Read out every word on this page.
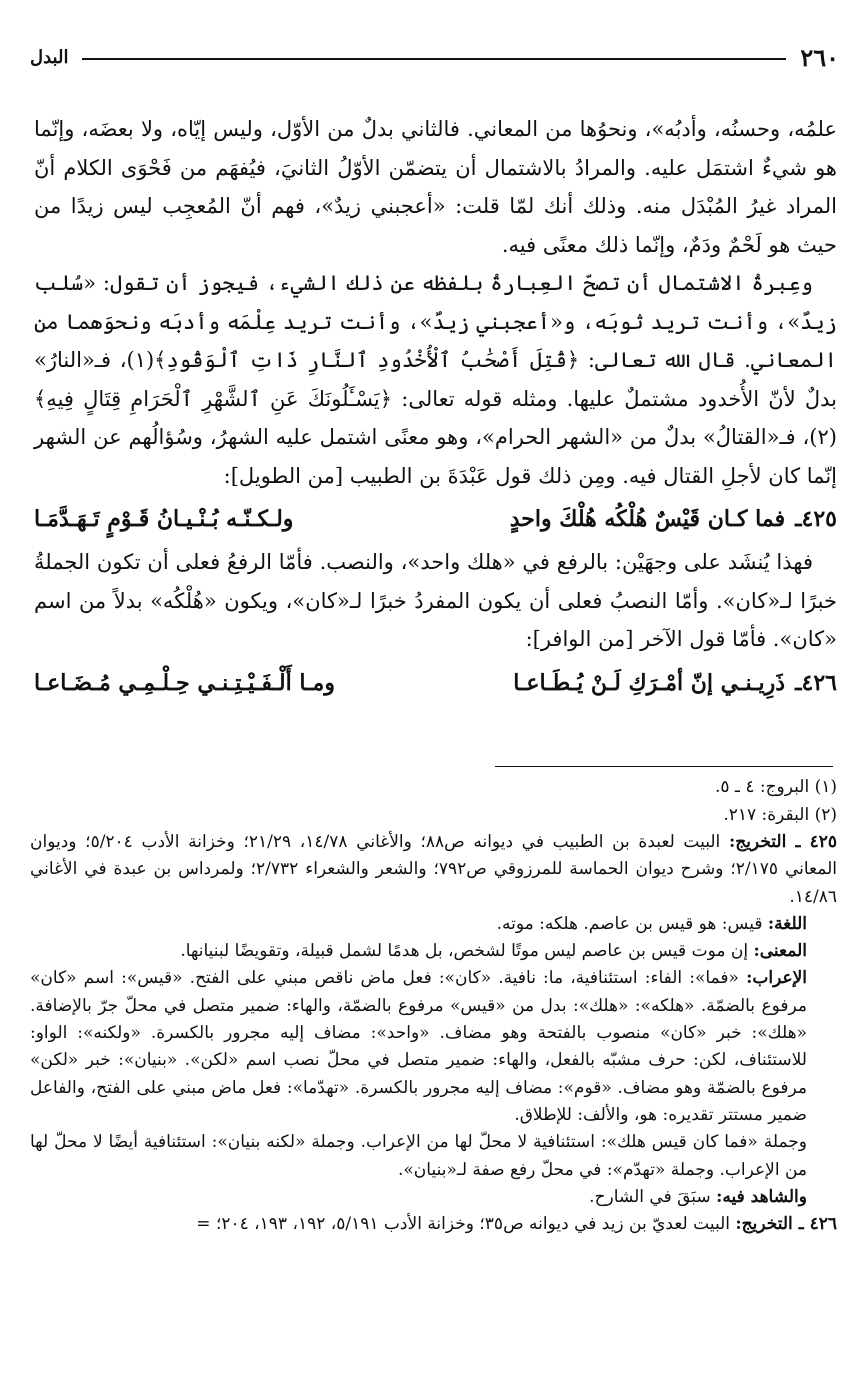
٢٦٠
البدل

علمُه، وحسنُه، وأدبُه»، ونحوُها من المعاني. فالثاني بدلٌ من الأوّل، وليس إيّاه، ولا بعضَه، وإنّما هو شيءٌ اشتمَل عليه. والمرادُ بالاشتمال أن يتضمّن الأوّلُ الثانيَ، فيُفهَم من فَحْوَى الكلام أنّ المراد غيرُ المُبْدَل منه. وذلك أنك لمّا قلت: «أعجبني زيدٌ»، فهم أنّ المُعجِب ليس زيدًا من حيث هو لَحْمٌ ودَمٌ، وإنّما ذلك معنًى فيه.

وعِبرةُ الاشتمال أن تصحّ العِبارةُ بلفظه عن ذلك الشيء، فيجوز أن تقول: «سُلب زيدٌ»، وأنت تريد ثوبَه، و«أعجبني زيدٌ»، وأنت تريد عِلْمَه وأدبَه ونحوَهما من المعاني. قال الله تعالى: ﴿قُتِلَ أَصْحَٰبُ ٱلْأُخْدُودِ ٱلنَّارِ ذَاتِ ٱلْوَقُودِ﴾(١)، فـ«النارُ» بدلٌ لأنّ الأُخدود مشتملٌ عليها. ومثله قوله تعالى: ﴿يَسْـَٔلُونَكَ عَنِ ٱلشَّهْرِ ٱلْحَرَامِ قِتَالٍ فِيهِ﴾(٢)، فـ«القتالُ» بدلٌ من «الشهر الحرام»، وهو معنًى اشتمل عليه الشهرُ، وسُؤالُهم عن الشهر إنّما كان لأجلِ القتال فيه. ومِن ذلك قول عَبْدَةَ بن الطبيب [من الطويل]:

٤٢٥ـ
فما كـان قَيْسٌ هُلْكُه هُلْكَ واحدٍ
ولـكـنّـه بُـنْـيـانُ قَـوْمٍ تَـهَـدَّمَـا

فهذا يُنشَد على وجهَيْن: بالرفع في «هلك واحد»، والنصب. فأمّا الرفعُ فعلى أن تكون الجملةُ خبرًا لـ«كان». وأمّا النصبُ فعلى أن يكون المفردُ خبرًا لـ«كان»، ويكون «هُلْكُه» بدلاً من اسم «كان». فأمّا قول الآخر [من الوافر]:

٤٢٦ـ
ذَرِيـنـي إنّ أمْـرَكِ لَـنْ يُـطَـاعـا
ومـا أَلْـفَـيْـتِـنـي حِـلْـمِـي مُـضَـاعـا

(١) البروج: ٤ ـ ٥.

(٢) البقرة: ٢١٧.

٤٢٥ ـ التخريج: البيت لعبدة بن الطبيب في ديوانه ص٨٨؛ والأغاني ١٤/٧٨، ٢١/٢٩؛ وخزانة الأدب ٥/٢٠٤؛ وديوان المعاني ٢/١٧٥؛ وشرح ديوان الحماسة للمرزوقي ص٧٩٢؛ والشعر والشعراء ٢/٧٣٢؛ ولمرداس بن عبدة في الأغاني ١٤/٨٦.

اللغة: قيس: هو قيس بن عاصم. هلكه: موته.

المعنى: إن موت قيس بن عاصم ليس موتًا لشخص، بل هدمًا لشمل قبيلة، وتقويضًا لبنيانها.

الإعراب: «فما»: الفاء: استئنافية، ما: نافية. «كان»: فعل ماض ناقص مبني على الفتح. «قيس»: اسم «كان» مرفوع بالضمّة. «هلكه»: «هلك»: بدل من «قيس» مرفوع بالضمّة، والهاء: ضمير متصل في محلّ جرّ بالإضافة. «هلك»: خبر «كان» منصوب بالفتحة وهو مضاف. «واحد»: مضاف إليه مجرور بالكسرة. «ولكنه»: الواو: للاستئناف، لكن: حرف مشبّه بالفعل، والهاء: ضمير متصل في محلّ نصب اسم «لكن». «بنيان»: خبر «لكن» مرفوع بالضمّة وهو مضاف. «قوم»: مضاف إليه مجرور بالكسرة. «تهدّما»: فعل ماض مبني على الفتح، والفاعل ضمير مستتر تقديره: هو، والألف: للإطلاق.

وجملة «فما كان قيس هلك»: استئنافية لا محلّ لها من الإعراب. وجملة «لكنه بنيان»: استئنافية أيضًا لا محلّ لها من الإعراب. وجملة «تهدّم»: في محلّ رفع صفة لـ«بنيان».

والشاهد فيه: سبَقَ في الشارح.

٤٢٦ ـ التخريج: البيت لعديّ بن زيد في ديوانه ص٣٥؛ وخزانة الأدب ٥/١٩١، ١٩٢، ١٩٣، ٢٠٤؛ =
